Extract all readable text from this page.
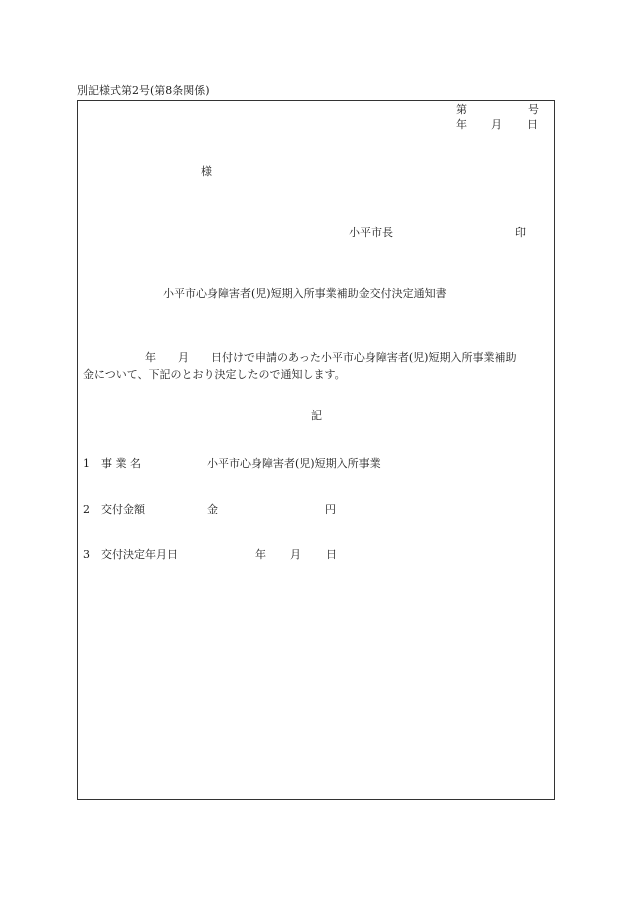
別記様式第2号(第8条関係)
第	号
年 月 日
様
小平市長	印
小平市心身障害者(児)短期入所事業補助金交付決定通知書
年 月 日付けで申請のあった小平市心身障害者(児)短期入所事業補助
金について、下記のとおり決定したので通知します。
記
1 事 業 名	小平市心身障害者(児)短期入所事業
2 交付金額	金	円
3 交付決定年月日	年 月 日
